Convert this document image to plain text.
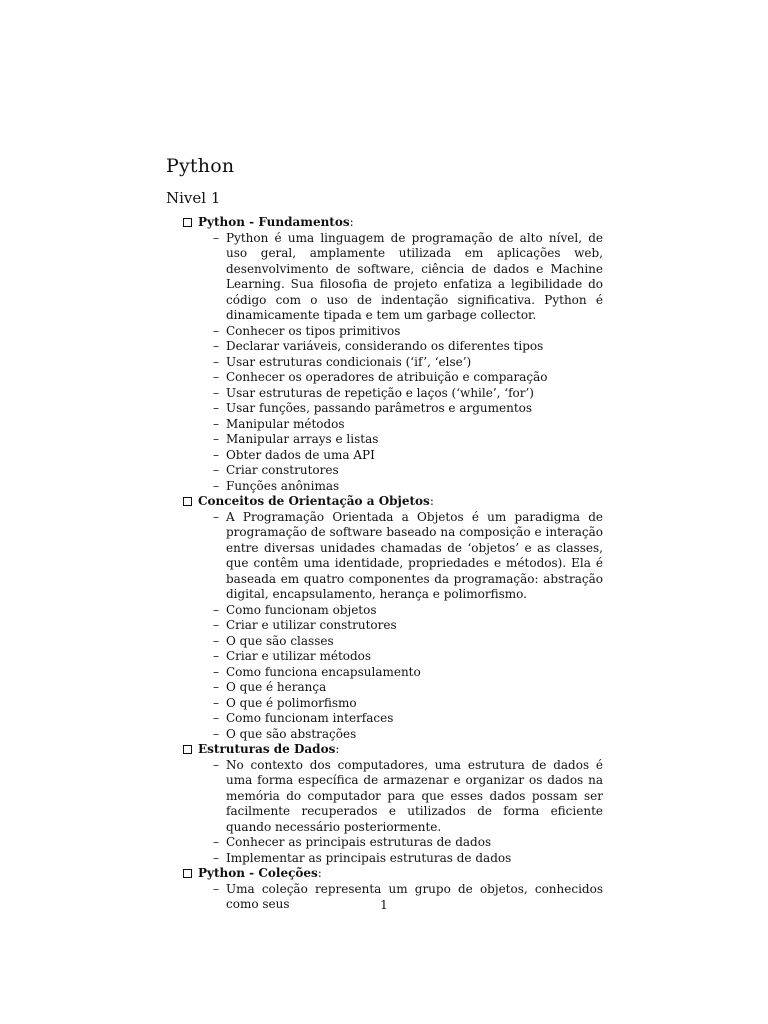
Python
Nivel 1
Python - Fundamentos :
– Python é uma linguagem de programação de alto nível, de uso geral, amplamente utilizada em aplicações web, desenvolvimento de software, ciência de dados e Machine Learning. Sua filosofia de projeto enfatiza a legibilidade do código com o uso de indentação significativa. Python é dinamicamente tipada e tem um garbage collector.
– Conhecer os tipos primitivos
– Declarar variáveis, considerando os diferentes tipos
– Usar estruturas condicionais (‘if’, ‘else’)
– Conhecer os operadores de atribuição e comparação
– Usar estruturas de repetição e laços (‘while’, ‘for’)
– Usar funções, passando parâmetros e argumentos
– Manipular métodos
– Manipular arrays e listas
– Obter dados de uma API
– Criar construtores
– Funções anônimas
Conceitos de Orientação a Objetos :
– A Programação Orientada a Objetos é um paradigma de programação de software baseado na composição e interação entre diversas unidades chamadas de ‘objetos’ e as classes, que contêm uma identidade, propriedades e métodos). Ela é baseada em quatro componentes da programação: abstração digital, encapsulamento, herança e polimorfismo.
– Como funcionam objetos
– Criar e utilizar construtores
– O que são classes
– Criar e utilizar métodos
– Como funciona encapsulamento
– O que é herança
– O que é polimorfismo
– Como funcionam interfaces
– O que são abstrações
Estruturas de Dados :
– No contexto dos computadores, uma estrutura de dados é uma forma específica de armazenar e organizar os dados na memória do computador para que esses dados possam ser facilmente recuperados e utilizados de forma eficiente quando necessário posteriormente.
– Conhecer as principais estruturas de dados
– Implementar as principais estruturas de dados
Python - Coleções :
– Uma coleção representa um grupo de objetos, conhecidos como seus	1
